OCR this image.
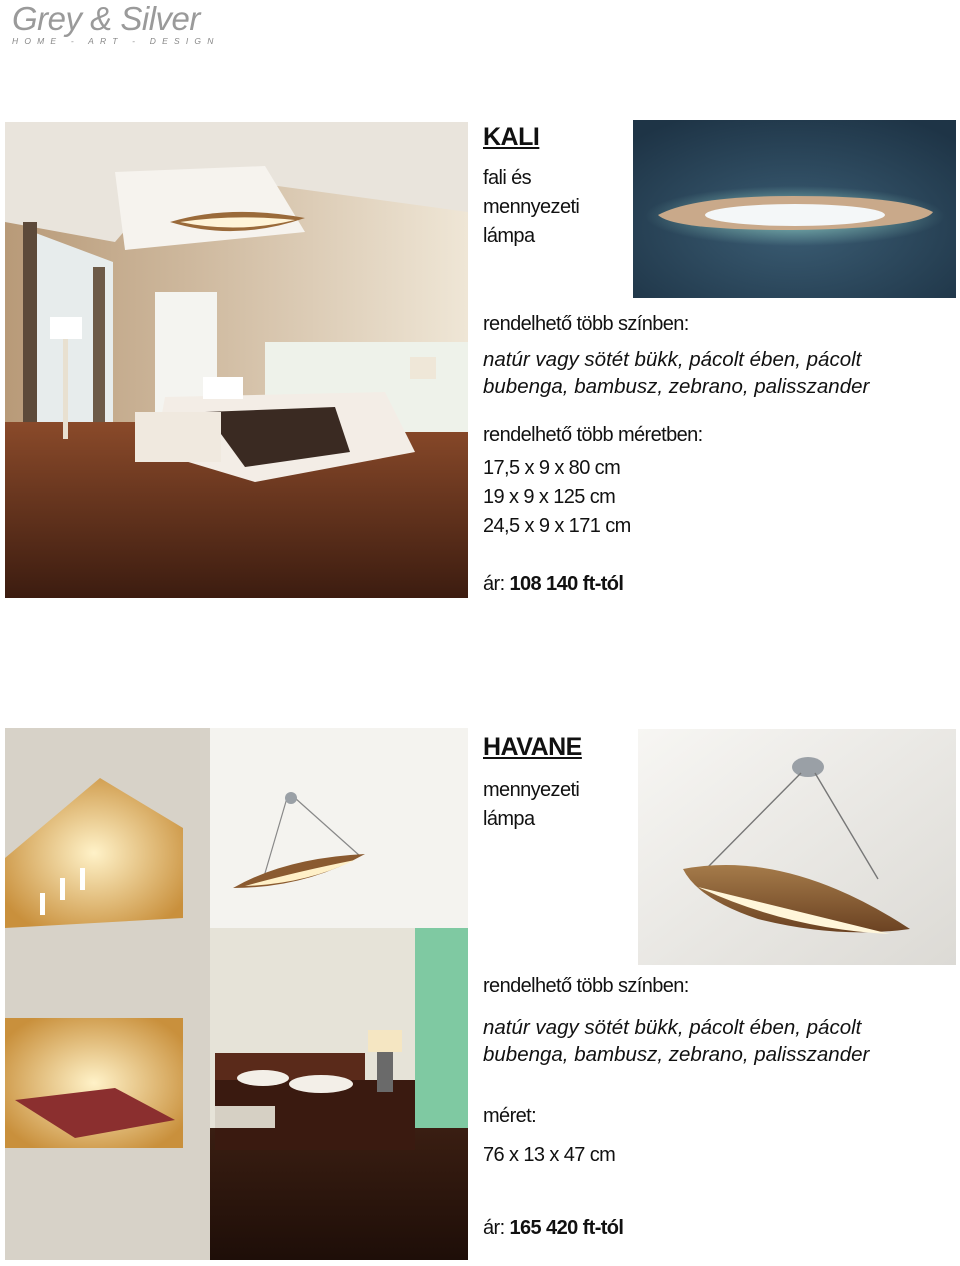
Grey & Silver
HOME - ART - DESIGN
KALI
fali és
mennyezeti
lámpa
rendelhető több színben:
natúr vagy sötét bükk, pácolt ében, pácolt
bubenga, bambusz, zebrano, palisszander
rendelhető több méretben:
17,5 x 9 x 80 cm
19 x 9 x 125 cm
24,5 x 9 x 171 cm
ár: 108 140 ft-tól
HAVANE
mennyezeti
lámpa
rendelhető több színben:
natúr vagy sötét bükk, pácolt ében, pácolt
bubenga, bambusz, zebrano, palisszander
méret:
76 x 13 x 47 cm
ár: 165 420 ft-tól
